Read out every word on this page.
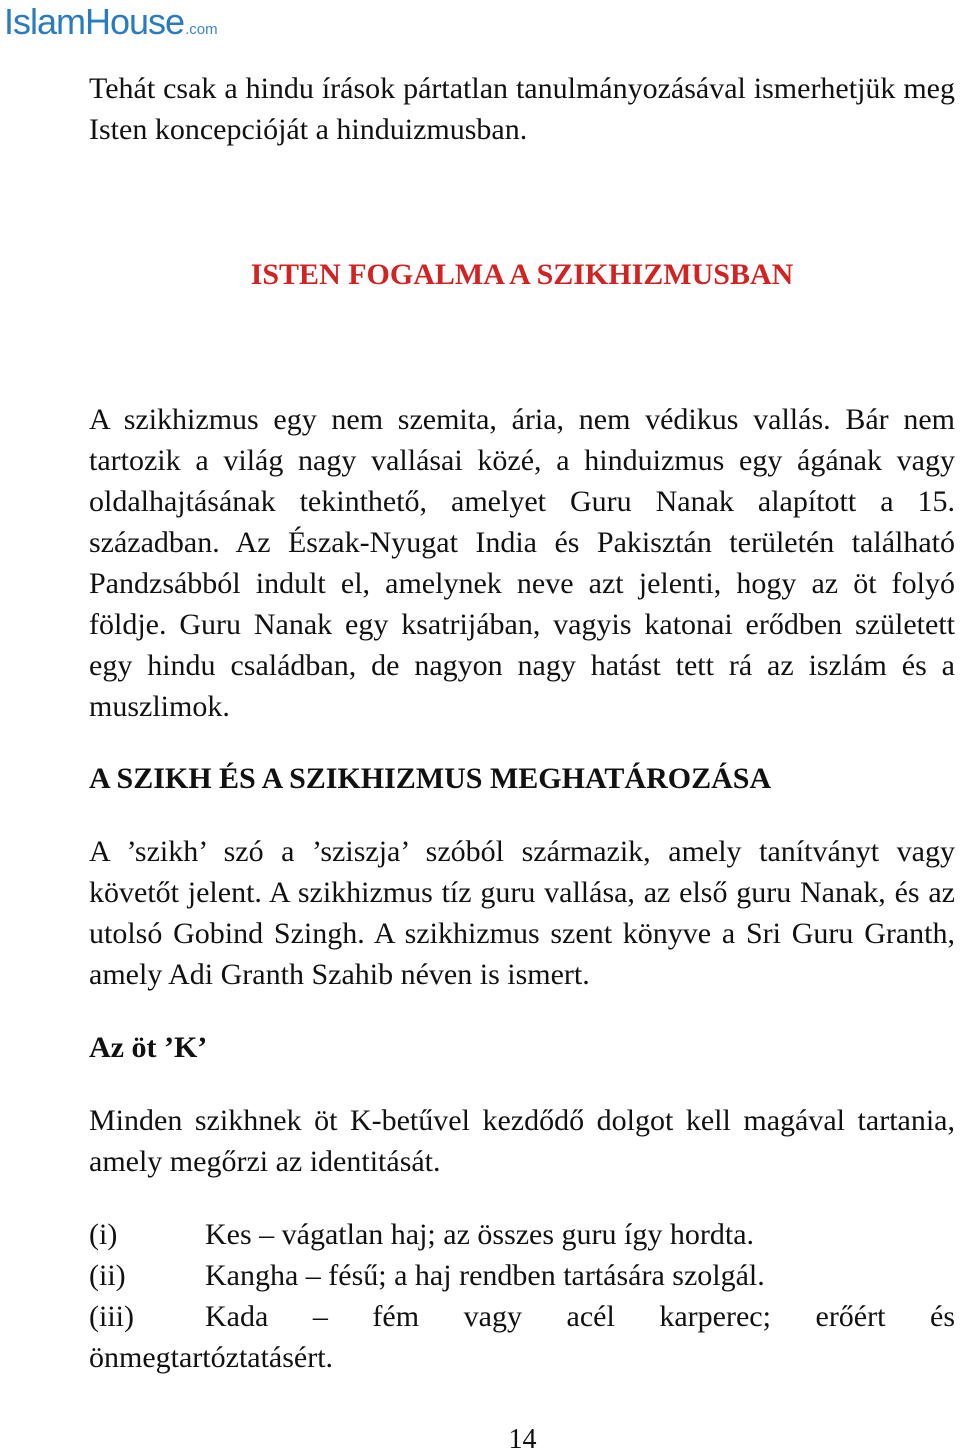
IslamHouse.com

Tehát csak a hindu írások pártatlan tanulmányozásával ismerhetjük meg Isten koncepcióját a hinduizmusban.

ISTEN FOGALMA A SZIKHIZMUSBAN

A szikhizmus egy nem szemita, ária, nem védikus vallás. Bár nem tartozik a világ nagy vallásai közé, a hinduizmus egy ágának vagy oldalhajtásának tekinthető, amelyet Guru Nanak alapított a 15. században. Az Észak-Nyugat India és Pakisztán területén található Pandzsábból indult el, amelynek neve azt jelenti, hogy az öt folyó földje. Guru Nanak egy ksatrijában, vagyis katonai erődben született egy hindu családban, de nagyon nagy hatást tett rá az iszlám és a muszlimok.

A SZIKH ÉS A SZIKHIZMUS MEGHATÁROZÁSA

A ’szikh’ szó a ’sziszja’ szóból származik, amely tanítványt vagy követőt jelent. A szikhizmus tíz guru vallása, az első guru Nanak, és az utolsó Gobind Szingh. A szikhizmus szent könyve a Sri Guru Granth, amely Adi Granth Szahib néven is ismert.

Az öt ’K’

Minden szikhnek öt K-betűvel kezdődő dolgot kell magával tartania, amely megőrzi az identitását.

(i)	Kes – vágatlan haj; az összes guru így hordta.
(ii)	Kangha – fésű; a haj rendben tartására szolgál.
(iii)	Kada – fém vagy acél karperec; erőért és
önmegtartóztatásért.
14
